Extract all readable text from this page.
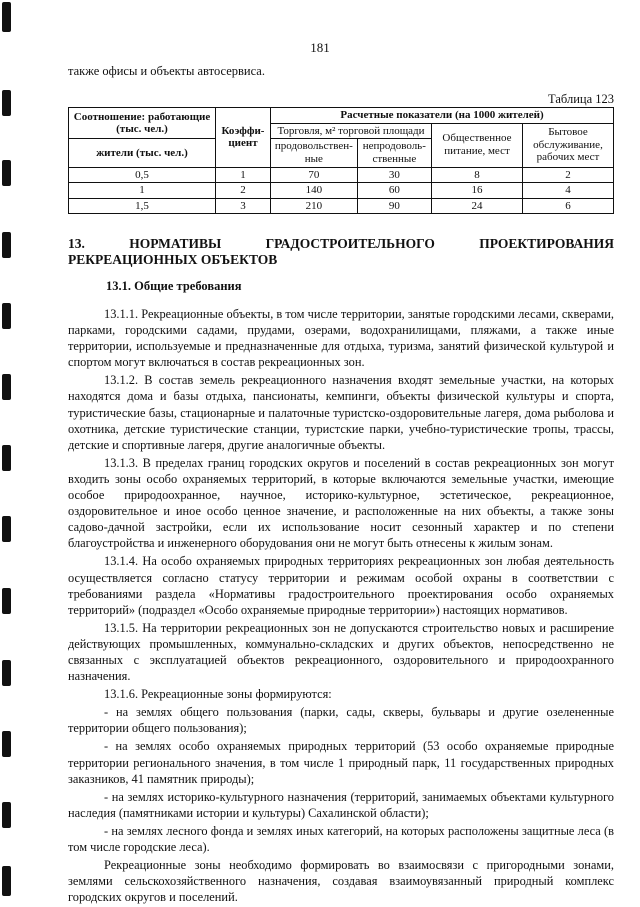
181
также офисы и объекты автосервиса.
Таблица 123
Соотношение: работающие (тыс. чел.)	Коэффи-циент	Расчетные показатели (на 1000 жителей)			
		Торговля, м² торговой площади		Общественное питание, мест	Бытовое обслуживание, рабочих мест
жители (тыс. чел.)		продовольствен-ные	непродоволь-ственные		
0,5	1	70	30	8	2
1	2	140	60	16	4
1,5	3	210	90	24	6
13.	НОРМАТИВЫ	ГРАДОСТРОИТЕЛЬНОГО	ПРОЕКТИРОВАНИЯ
РЕКРЕАЦИОННЫХ ОБЪЕКТОВ
13.1. Общие требования

13.1.1. Рекреационные объекты, в том числе территории, занятые городскими лесами, скверами, парками, городскими садами, прудами, озерами, водохранилищами, пляжами, а также иные территории, используемые и предназначенные для отдыха, туризма, занятий физической культурой и спортом могут включаться в состав рекреационных зон.

13.1.2. В состав земель рекреационного назначения входят земельные участки, на которых находятся дома и базы отдыха, пансионаты, кемпинги, объекты физической культуры и спорта, туристические базы, стационарные и палаточные туристско-оздоровительные лагеря, дома рыболова и охотника, детские туристические станции, туристские парки, учебно-туристические тропы, трассы, детские и спортивные лагеря, другие аналогичные объекты.

13.1.3. В пределах границ городских округов и поселений в состав рекреационных зон могут входить зоны особо охраняемых территорий, в которые включаются земельные участки, имеющие особое природоохранное, научное, историко-культурное, эстетическое, рекреационное, оздоровительное и иное особо ценное значение, и расположенные на них объекты, а также зоны садово-дачной застройки, если их использование носит сезонный характер и по степени благоустройства и инженерного оборудования они не могут быть отнесены к жилым зонам.

13.1.4. На особо охраняемых природных территориях рекреационных зон любая деятельность осуществляется согласно статусу территории и режимам особой охраны в соответствии с требованиями раздела «Нормативы градостроительного проектирования особо охраняемых территорий» (подраздел «Особо охраняемые природные территории») настоящих нормативов.

13.1.5. На территории рекреационных зон не допускаются строительство новых и расширение действующих промышленных, коммунально-складских и других объектов, непосредственно не связанных с эксплуатацией объектов рекреационного, оздоровительного и природоохранного назначения.

13.1.6. Рекреационные зоны формируются:

- на землях общего пользования (парки, сады, скверы, бульвары и другие озелененные территории общего пользования);

- на землях особо охраняемых природных территорий (53 особо охраняемые природные территории регионального значения, в том числе 1 природный парк, 11 государственных природных заказников, 41 памятник природы);

- на землях историко-культурного назначения (территорий, занимаемых объектами культурного наследия (памятниками истории и культуры) Сахалинской области);

- на землях лесного фонда и землях иных категорий, на которых расположены защитные леса (в том числе городские леса).

Рекреационные зоны необходимо формировать во взаимосвязи с пригородными зонами, землями сельскохозяйственного назначения, создавая взаимоувязанный природный комплекс городских округов и поселений.
